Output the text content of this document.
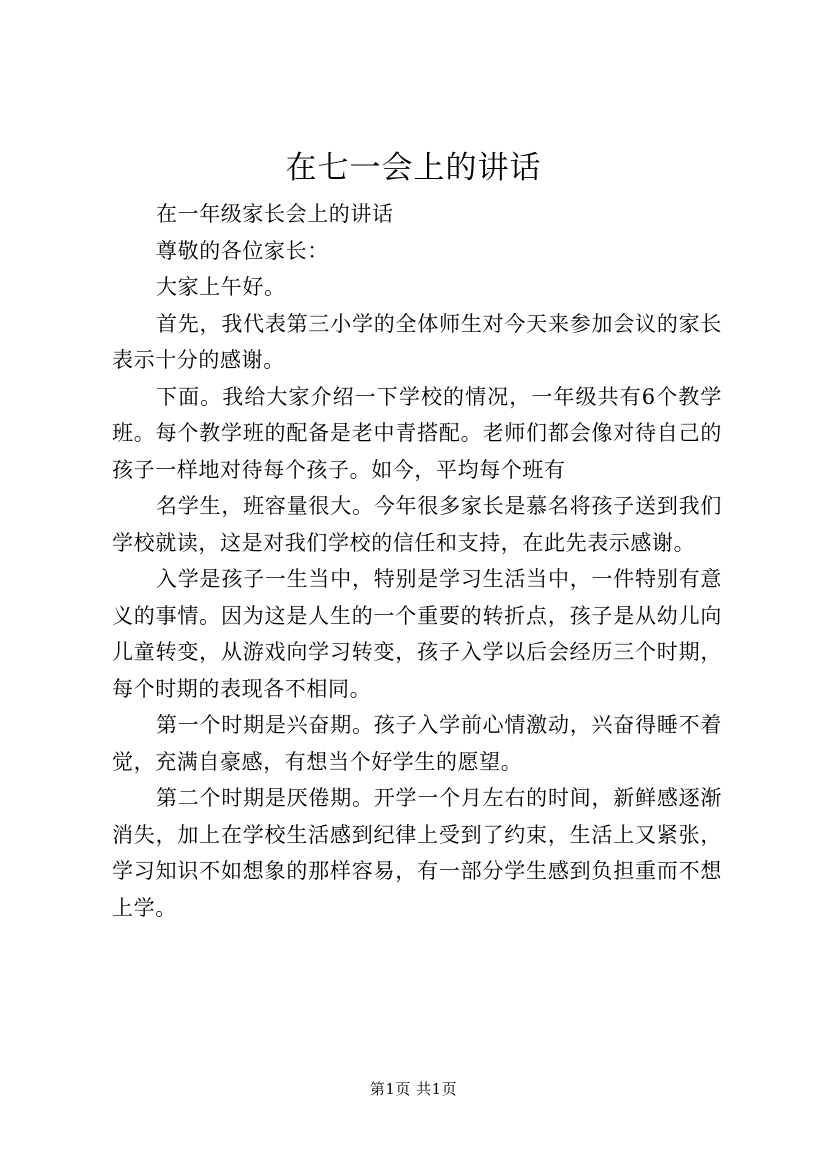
在七一会上的讲话

在一年级家长会上的讲话

尊敬的各位家长：

大家上午好。

首先，我代表第三小学的全体师生对今天来参加会议的家长表示十分的感谢。

下面。我给大家介绍一下学校的情况，一年级共有6个教学班。每个教学班的配备是老中青搭配。老师们都会像对待自己的孩子一样地对待每个孩子。如今，平均每个班有

名学生，班容量很大。今年很多家长是慕名将孩子送到我们学校就读，这是对我们学校的信任和支持，在此先表示感谢。

入学是孩子一生当中，特别是学习生活当中，一件特别有意义的事情。因为这是人生的一个重要的转折点，孩子是从幼儿向儿童转变，从游戏向学习转变，孩子入学以后会经历三个时期，每个时期的表现各不相同。

第一个时期是兴奋期。孩子入学前心情激动，兴奋得睡不着觉，充满自豪感，有想当个好学生的愿望。

第二个时期是厌倦期。开学一个月左右的时间，新鲜感逐渐消失，加上在学校生活感到纪律上受到了约束，生活上又紧张，学习知识不如想象的那样容易，有一部分学生感到负担重而不想上学。

第1页 共1页
